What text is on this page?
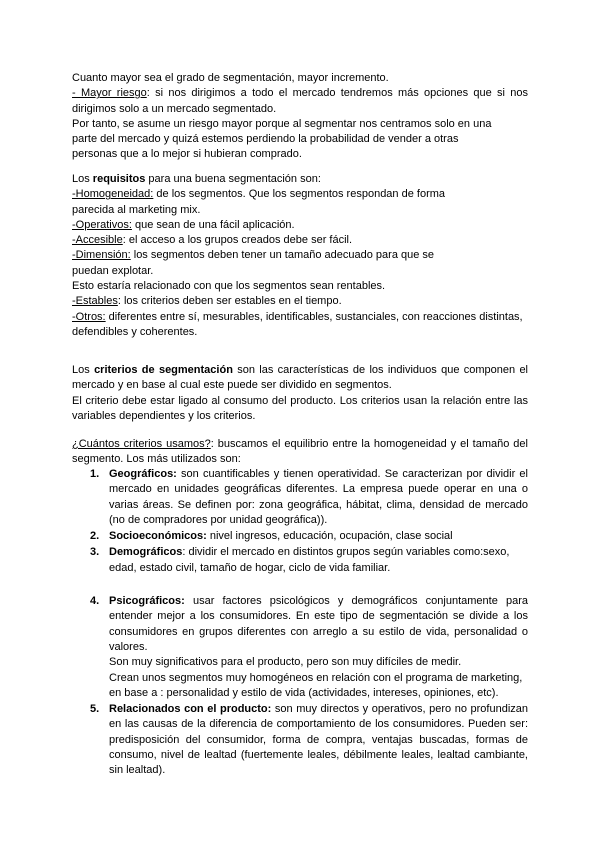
Cuanto mayor sea el grado de segmentación, mayor incremento.
- Mayor riesgo: si nos dirigimos a todo el mercado tendremos más opciones que si nos
dirigimos solo a un mercado segmentado.
Por tanto, se asume un riesgo mayor porque al segmentar nos centramos solo en una
parte del mercado y quizá estemos perdiendo la probabilidad de vender a otras
personas que a lo mejor si hubieran comprado.
Los requisitos para una buena segmentación son:
-Homogeneidad: de los segmentos. Que los segmentos respondan de forma
parecida al marketing mix.
-Operativos: que sean de una fácil aplicación.
-Accesible: el acceso a los grupos creados debe ser fácil.
-Dimensión: los segmentos deben tener un tamaño adecuado para que se
puedan explotar.
Esto estaría relacionado con que los segmentos sean rentables.
-Estables: los criterios deben ser estables en el tiempo.
-Otros: diferentes entre sí, mesurables, identificables, sustanciales, con reacciones distintas,
defendibles y coherentes.
Los criterios de segmentación son las características de los individuos que componen el
mercado y en base al cual este puede ser dividido en segmentos.
El criterio debe estar ligado al consumo del producto. Los criterios usan la relación entre las
variables dependientes y los criterios.
¿Cuántos criterios usamos?: buscamos el equilibrio entre la homogeneidad y el tamaño del
segmento. Los más utilizados son:
1. Geográficos: son cuantificables y tienen operatividad. Se caracterizan por dividir el
mercado en unidades geográficas diferentes. La empresa puede operar en una o
varias áreas. Se definen por: zona geográfica, hábitat, clima, densidad de mercado
(no de compradores por unidad geográfica)).
2. Socioeconómicos: nivel ingresos, educación, ocupación, clase social
3. Demográficos: dividir el mercado en distintos grupos según variables como:sexo,
edad, estado civil, tamaño de hogar, ciclo de vida familiar.
4. Psicográficos: usar factores psicológicos y demográficos conjuntamente para
entender mejor a los consumidores. En este tipo de segmentación se divide a los
consumidores en grupos diferentes con arreglo a su estilo de vida, personalidad o
valores.
Son muy significativos para el producto, pero son muy difíciles de medir.
Crean unos segmentos muy homogéneos en relación con el programa de marketing,
en base a : personalidad y estilo de vida (actividades, intereses, opiniones, etc).
5. Relacionados con el producto: son muy directos y operativos, pero no profundizan
en las causas de la diferencia de comportamiento de los consumidores. Pueden ser:
predisposición del consumidor, forma de compra, ventajas buscadas, formas de
consumo, nivel de lealtad (fuertemente leales, débilmente leales, lealtad cambiante,
sin lealtad).
